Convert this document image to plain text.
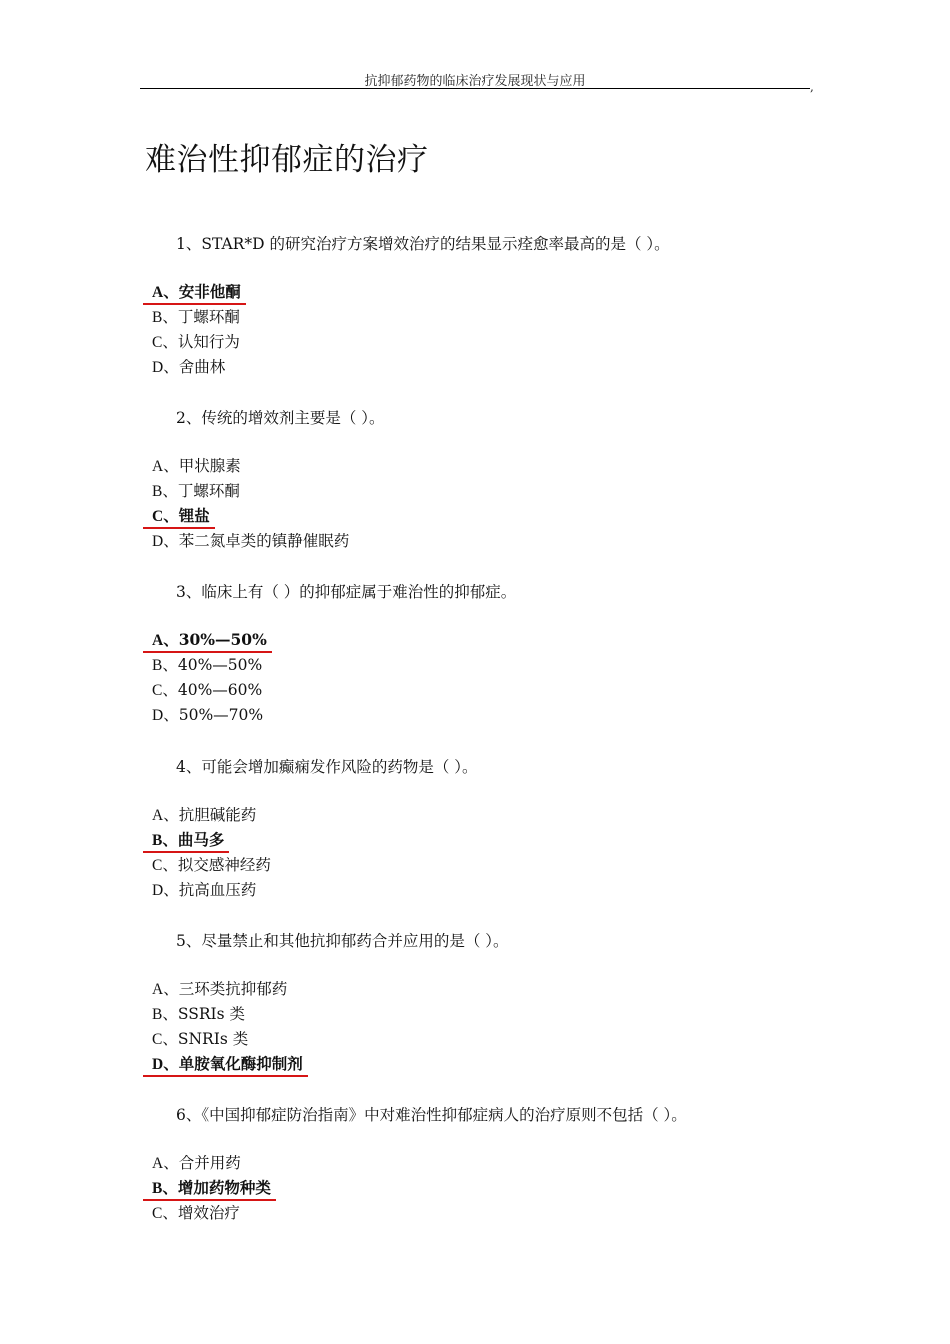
抗抑郁药物的临床治疗发展现状与应用	,
难治性抑郁症的治疗
1、STAR*D 的研究治疗方案增效治疗的结果显示痊愈率最高的是（ ）。
A、安非他酮
B、丁螺环酮
C、认知行为
D、舍曲林
2、传统的增效剂主要是（ ）。
A、甲状腺素
B、丁螺环酮
C、锂盐
D、苯二氮卓类的镇静催眠药
3、临床上有（ ）的抑郁症属于难治性的抑郁症。
A、30%—50%
B、40%—50%
C、40%—60%
D、50%—70%
4、可能会增加癫痫发作风险的药物是（ ）。
A、抗胆碱能药
B、曲马多
C、拟交感神经药
D、抗高血压药
5、尽量禁止和其他抗抑郁药合并应用的是（ ）。
A、三环类抗抑郁药
B、SSRIs 类
C、SNRIs 类
D、单胺氧化酶抑制剂
6、《中国抑郁症防治指南》中对难治性抑郁症病人的治疗原则不包括（ ）。
A、合并用药
B、增加药物种类
C、增效治疗
